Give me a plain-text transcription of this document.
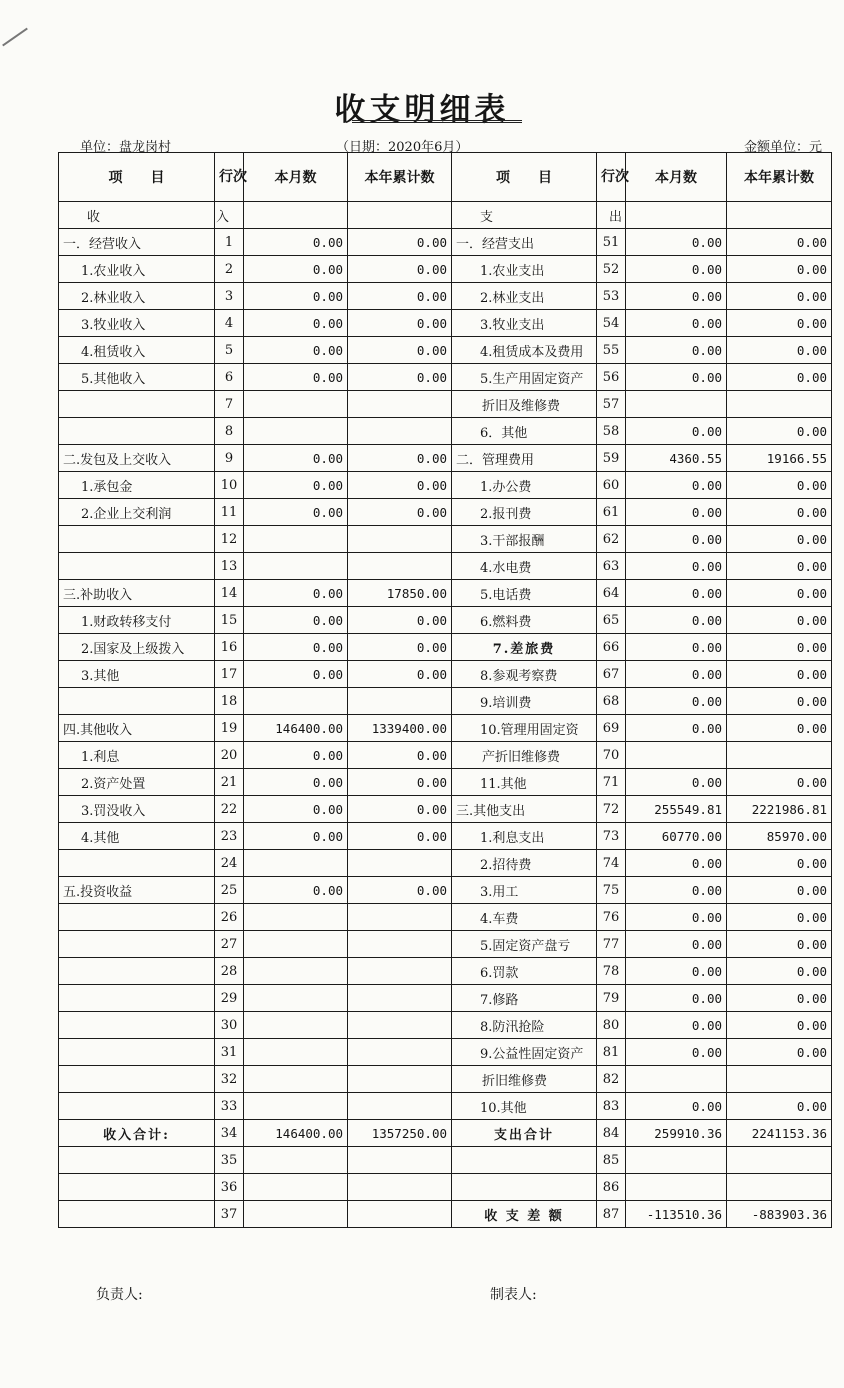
收支明细表
单位：盘龙岗村	（日期：2020年6月）	金额单位：元
项　　目	行次	本月数	本年累计数	项　　目	行次	本月数	本年累计数
收　　入				支　　出			
一．经营收入	1	0.00	0.00	一．经营支出	51	0.00	0.00
1.农业收入	2	0.00	0.00	1.农业支出	52	0.00	0.00
2.林业收入	3	0.00	0.00	2.林业支出	53	0.00	0.00
3.牧业收入	4	0.00	0.00	3.牧业支出	54	0.00	0.00
4.租赁收入	5	0.00	0.00	4.租赁成本及费用	55	0.00	0.00
5.其他收入	6	0.00	0.00	5.生产用固定资产	56	0.00	0.00
	7			折旧及维修费	57		
	8			6．其他	58	0.00	0.00
二.发包及上交收入	9	0.00	0.00	二．管理费用	59	4360.55	19166.55
1.承包金	10	0.00	0.00	1.办公费	60	0.00	0.00
2.企业上交利润	11	0.00	0.00	2.报刊费	61	0.00	0.00
	12			3.干部报酬	62	0.00	0.00
	13			4.水电费	63	0.00	0.00
三.补助收入	14	0.00	17850.00	5.电话费	64	0.00	0.00
1.财政转移支付	15	0.00	0.00	6.燃料费	65	0.00	0.00
2.国家及上级拨入	16	0.00	0.00	7.差旅费	66	0.00	0.00
3.其他	17	0.00	0.00	8.参观考察费	67	0.00	0.00
	18			9.培训费	68	0.00	0.00
四.其他收入	19	146400.00	1339400.00	10.管理用固定资	69	0.00	0.00
1.利息	20	0.00	0.00	产折旧维修费	70		
2.资产处置	21	0.00	0.00	11.其他	71	0.00	0.00
3.罚没收入	22	0.00	0.00	三.其他支出	72	255549.81	2221986.81
4.其他	23	0.00	0.00	1.利息支出	73	60770.00	85970.00
	24			2.招待费	74	0.00	0.00
五.投资收益	25	0.00	0.00	3.用工	75	0.00	0.00
	26			4.车费	76	0.00	0.00
	27			5.固定资产盘亏	77	0.00	0.00
	28			6.罚款	78	0.00	0.00
	29			7.修路	79	0.00	0.00
	30			8.防汛抢险	80	0.00	0.00
	31			9.公益性固定资产	81	0.00	0.00
	32			折旧维修费	82		
	33			10.其他	83	0.00	0.00
收入合计:	34	146400.00	1357250.00	支出合计	84	259910.36	2241153.36
	35				85		
	36				86		
	37			收 支 差 额	87	-113510.36	-883903.36
负责人:	制表人:
